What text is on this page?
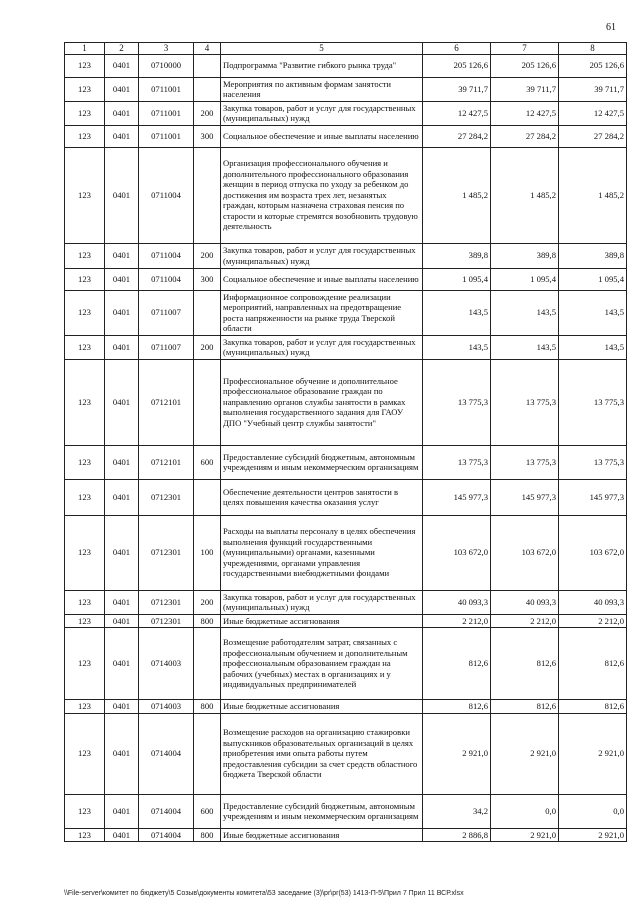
61
1	2	3	4	5	6	7	8
123	0401	0710000		Подпрограмма "Развитие гибкого рынка труда"	205 126,6	205 126,6	205 126,6
123	0401	0711001		Мероприятия по активным формам занятости населения	39 711,7	39 711,7	39 711,7
123	0401	0711001	200	Закупка товаров, работ и услуг для государственных (муниципальных) нужд	12 427,5	12 427,5	12 427,5
123	0401	0711001	300	Социальное обеспечение и иные выплаты населению	27 284,2	27 284,2	27 284,2
123	0401	0711004		Организация профессионального обучения и дополнительного профессионального образования женщин в период отпуска по уходу за ребенком до достижения им возраста трех лет, незанятых граждан, которым назначена страховая пенсия по старости и которые стремятся возобновить трудовую деятельность	1 485,2	1 485,2	1 485,2
123	0401	0711004	200	Закупка товаров, работ и услуг для государственных (муниципальных) нужд	389,8	389,8	389,8
123	0401	0711004	300	Социальное обеспечение и иные выплаты населению	1 095,4	1 095,4	1 095,4
123	0401	0711007		Информационное сопровождение реализации мероприятий, направленных на предотвращение роста напряженности на рынке труда Тверской области	143,5	143,5	143,5
123	0401	0711007	200	Закупка товаров, работ и услуг для государственных (муниципальных) нужд	143,5	143,5	143,5
123	0401	0712101		Профессиональное обучение и дополнительное профессиональное образование граждан по направлению органов службы занятости в рамках выполнения государственного задания для ГАОУ ДПО "Учебный центр службы занятости"	13 775,3	13 775,3	13 775,3
123	0401	0712101	600	Предоставление субсидий бюджетным, автономным учреждениям и иным некоммерческим организациям	13 775,3	13 775,3	13 775,3
123	0401	0712301		Обеспечение деятельности центров занятости в целях повышения качества оказания услуг	145 977,3	145 977,3	145 977,3
123	0401	0712301	100	Расходы на выплаты персоналу в целях обеспечения выполнения функций государственными (муниципальными) органами, казенными учреждениями, органами управления государственными внебюджетными фондами	103 672,0	103 672,0	103 672,0
123	0401	0712301	200	Закупка товаров, работ и услуг для государственных (муниципальных) нужд	40 093,3	40 093,3	40 093,3
123	0401	0712301	800	Иные бюджетные ассигнования	2 212,0	2 212,0	2 212,0
123	0401	0714003		Возмещение работодателям затрат, связанных с профессиональным обучением и дополнительным профессиональным образованием граждан на рабочих (учебных) местах в организациях и у индивидуальных предпринимателей	812,6	812,6	812,6
123	0401	0714003	800	Иные бюджетные ассигнования	812,6	812,6	812,6
123	0401	0714004		Возмещение расходов на организацию стажировки выпускников образовательных организаций в целях приобретения ими опыта работы путем предоставления субсидии за счет средств областного бюджета Тверской области	2 921,0	2 921,0	2 921,0
123	0401	0714004	600	Предоставление субсидий бюджетным, автономным учреждениям и иным некоммерческим организациям	34,2	0,0	0,0
123	0401	0714004	800	Иные бюджетные ассигнования	2 886,8	2 921,0	2 921,0
\\File-server\комитет по бюджету\5 Созыв\документы комитета\53 заседание (3)\pr\pr(53) 1413-П-5\Прил 7 Прил 11 ВСР.xlsx
